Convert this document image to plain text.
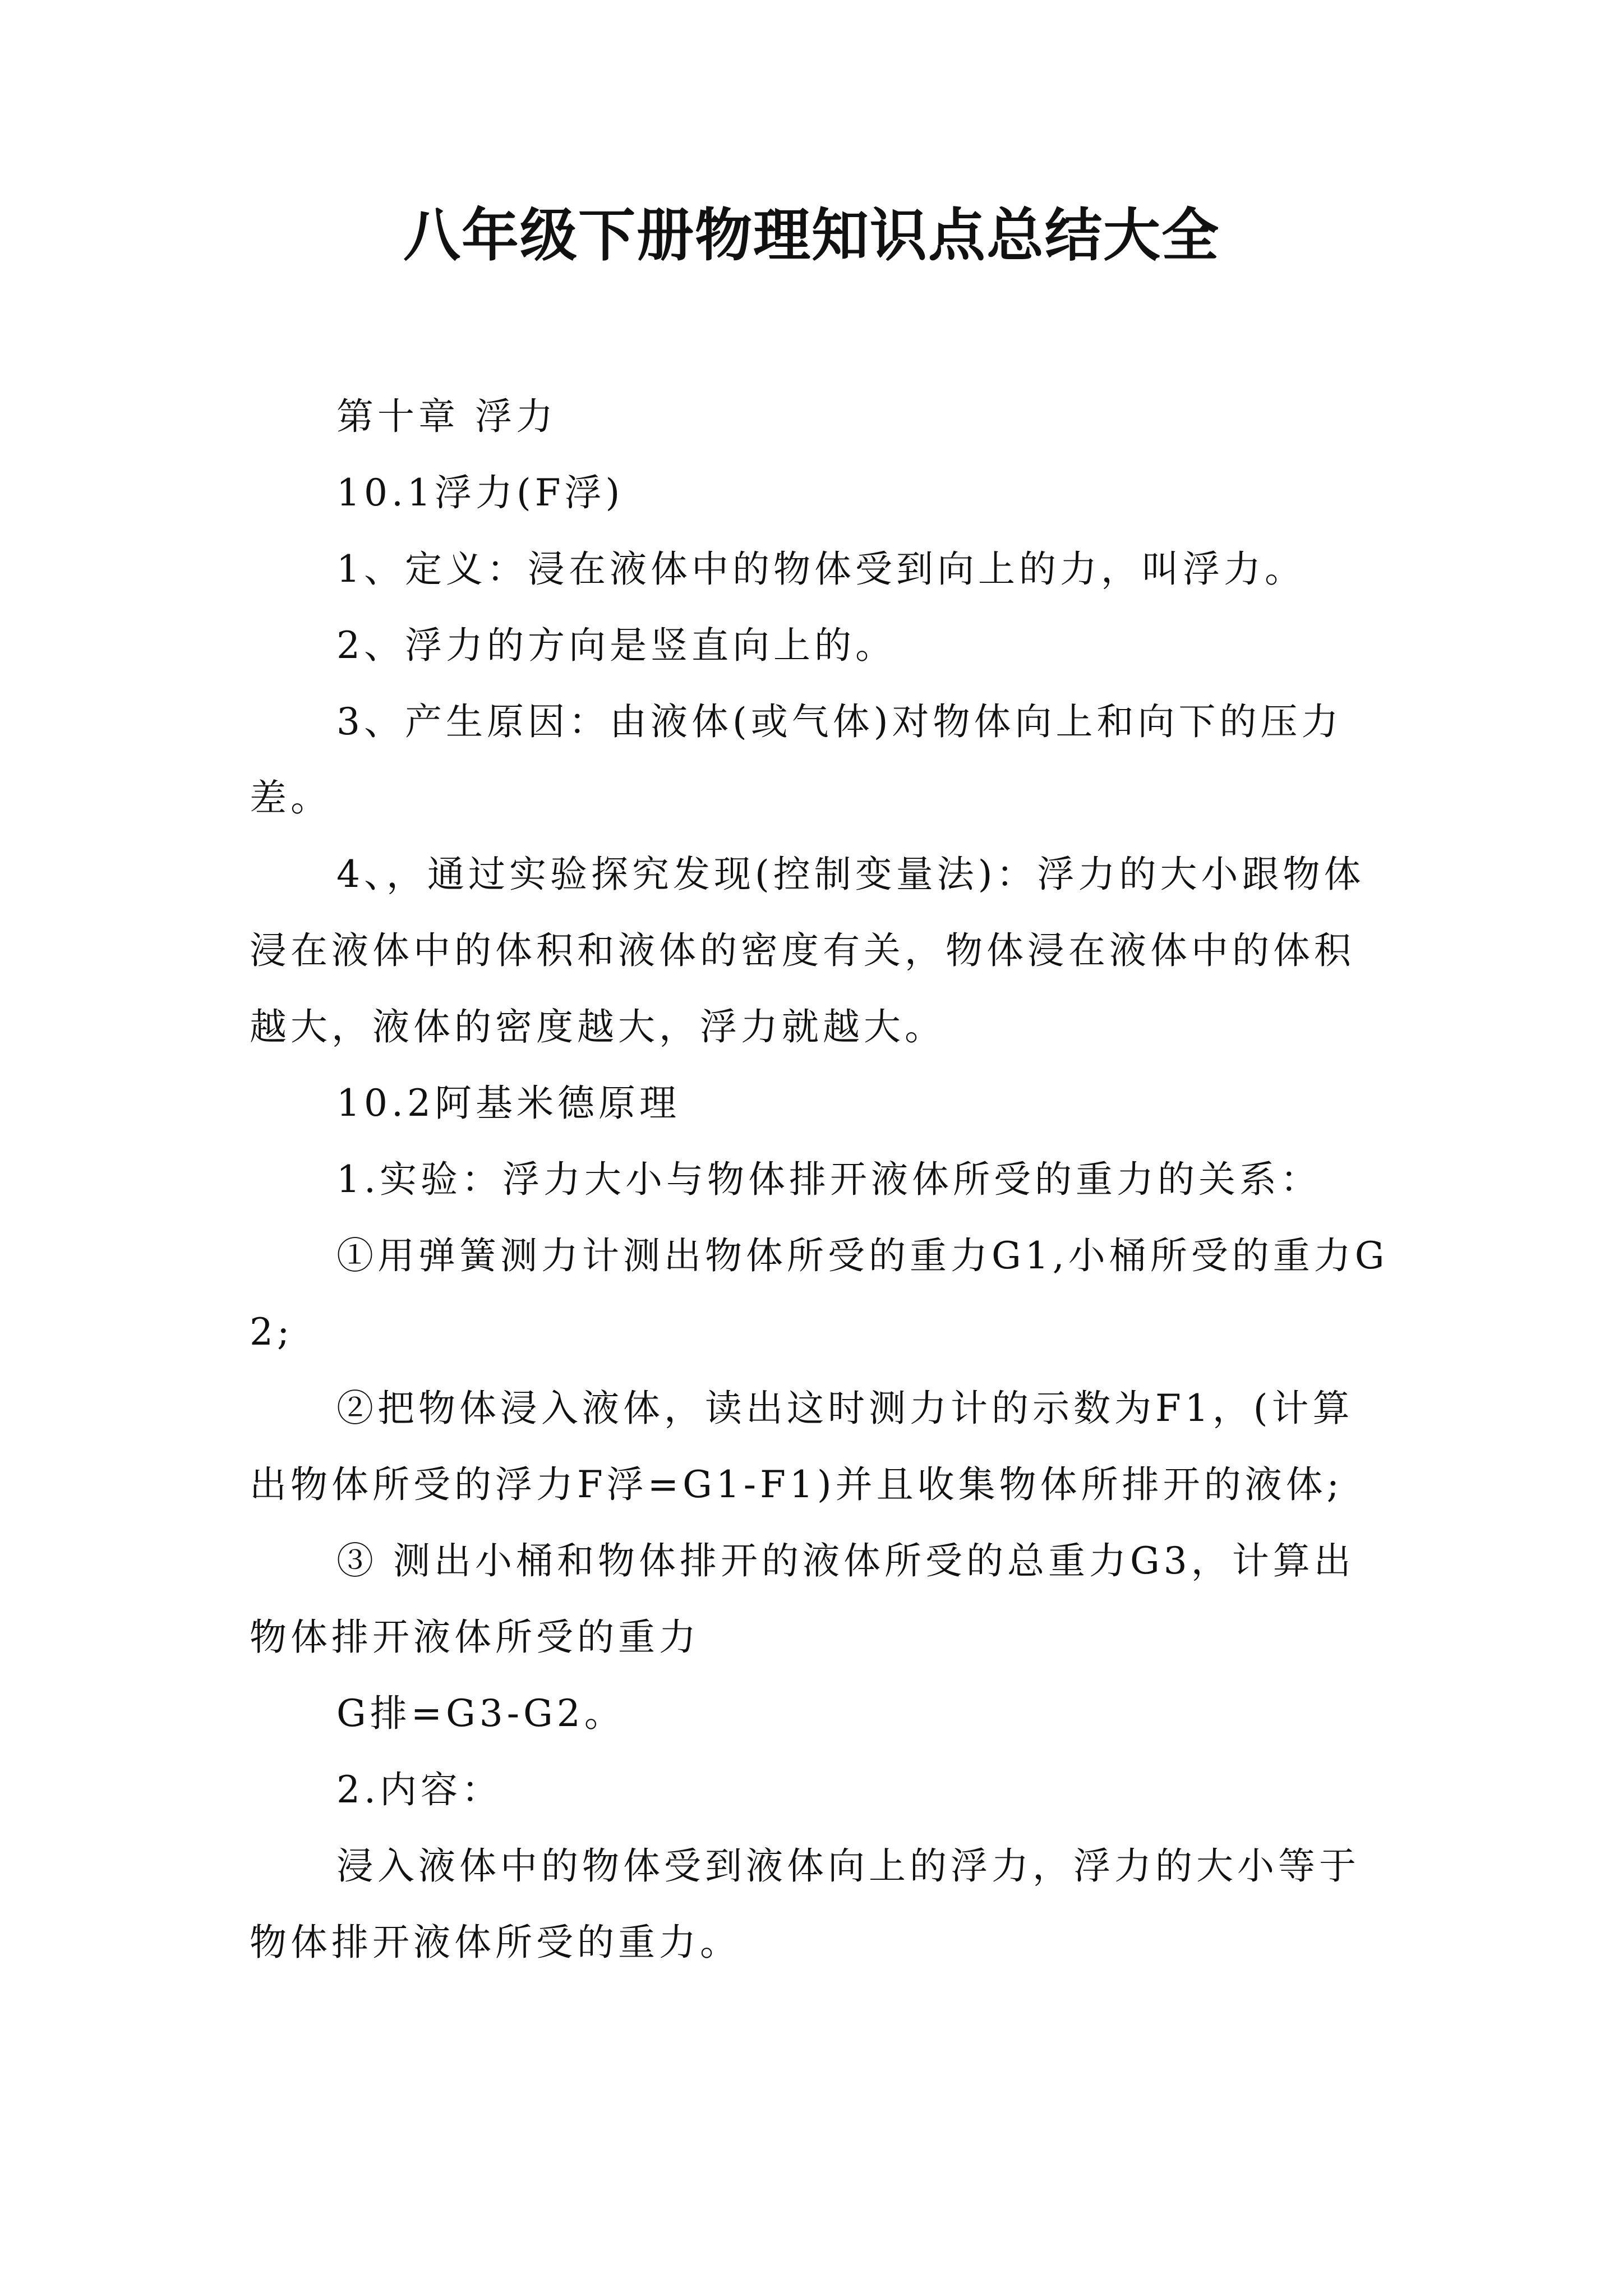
八年级下册物理知识点总结大全

第十章 浮力

10.1浮力(F浮)

1、定义：浸在液体中的物体受到向上的力，叫浮力。

2、浮力的方向是竖直向上的。

3、产生原因：由液体(或气体)对物体向上和向下的压力差。

4、，通过实验探究发现(控制变量法)：浮力的大小跟物体浸在液体中的体积和液体的密度有关，物体浸在液体中的体积越大，液体的密度越大，浮力就越大。

10.2阿基米德原理

1.实验：浮力大小与物体排开液体所受的重力的关系：

①用弹簧测力计测出物体所受的重力G1,小桶所受的重力G2;

②把物体浸入液体，读出这时测力计的示数为F1，(计算出物体所受的浮力F浮=G1-F1)并且收集物体所排开的液体;

③ 测出小桶和物体排开的液体所受的总重力G3，计算出物体排开液体所受的重力

G排=G3-G2。

2.内容：

浸入液体中的物体受到液体向上的浮力，浮力的大小等于物体排开液体所受的重力。
